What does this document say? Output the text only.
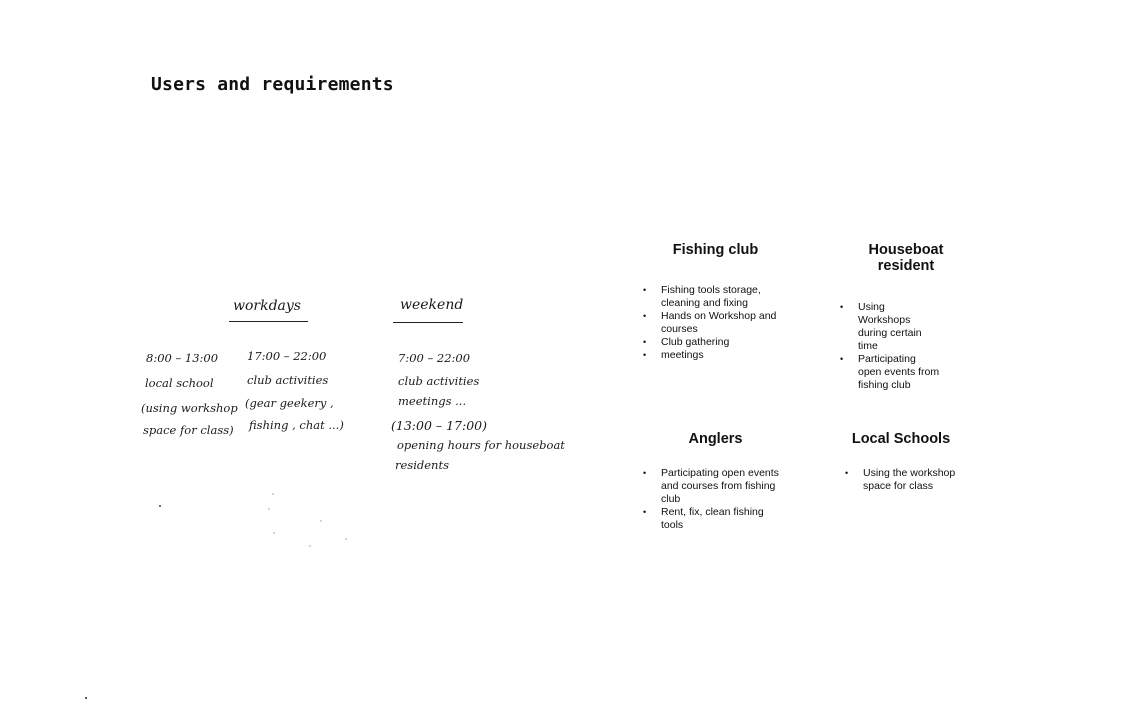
Users and requirements
workdays	weekend
8:00 – 13:00
local school
(using workshop
space for class)
17:00 – 22:00
club activities
(gear geekery ,
fishing , chat ...)
7:00 – 22:00
club activities
meetings ...
(13:00 – 17:00)
opening hours for houseboat
residents
Fishing club
• Fishing tools storage, cleaning and fixing
• Hands on Workshop and courses
• Club gathering
• meetings
Houseboat resident
• Using Workshops during certain time
• Participating open events from fishing club
Anglers
• Participating open events and courses from fishing club
• Rent, fix, clean fishing tools
Local Schools
• Using the workshop space for class
